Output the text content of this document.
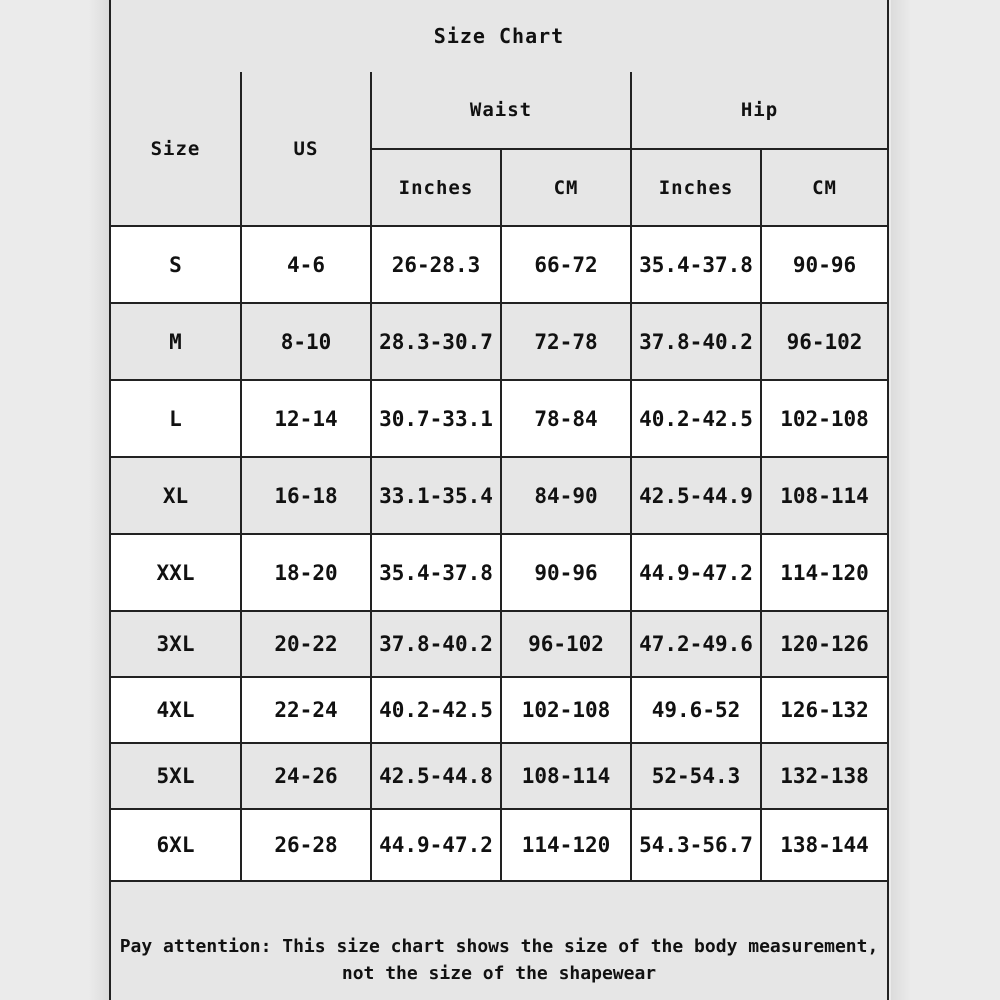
Size Chart
Size	US	Waist		Hip	
		Inches	CM	Inches	CM
S	4-6	26-28.3	66-72	35.4-37.8	90-96
M	8-10	28.3-30.7	72-78	37.8-40.2	96-102
L	12-14	30.7-33.1	78-84	40.2-42.5	102-108
XL	16-18	33.1-35.4	84-90	42.5-44.9	108-114
XXL	18-20	35.4-37.8	90-96	44.9-47.2	114-120
3XL	20-22	37.8-40.2	96-102	47.2-49.6	120-126
4XL	22-24	40.2-42.5	102-108	49.6-52	126-132
5XL	24-26	42.5-44.8	108-114	52-54.3	132-138
6XL	26-28	44.9-47.2	114-120	54.3-56.7	138-144
Pay attention: This size chart shows the size of the body measurement, not the size of the shapewear
